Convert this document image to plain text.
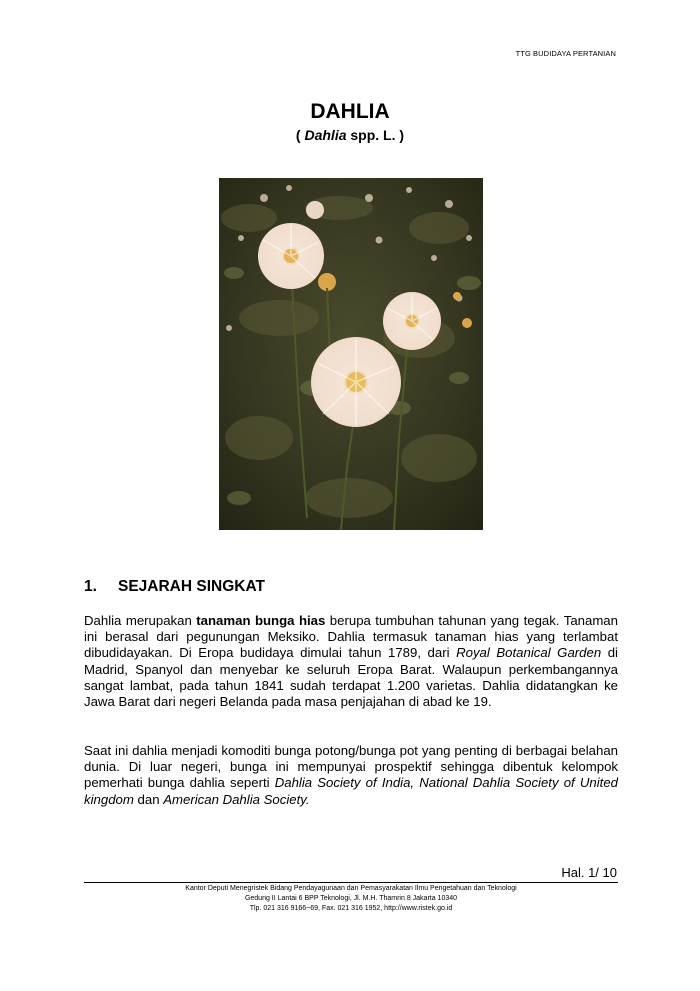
TTG BUDIDAYA PERTANIAN
DAHLIA
( Dahlia spp. L. )
1. SEJARAH SINGKAT
Dahlia merupakan tanaman bunga hias berupa tumbuhan tahunan yang tegak. Tanaman ini berasal dari pegunungan Meksiko. Dahlia termasuk tanaman hias yang terlambat dibudidayakan. Di Eropa budidaya dimulai tahun 1789, dari Royal Botanical Garden di Madrid, Spanyol dan menyebar ke seluruh Eropa Barat. Walaupun perkembangannya sangat lambat, pada tahun 1841 sudah terdapat 1.200 varietas. Dahlia didatangkan ke Jawa Barat dari negeri Belanda pada masa penjajahan di abad ke 19.
Saat ini dahlia menjadi komoditi bunga potong/bunga pot yang penting di berbagai belahan dunia. Di luar negeri, bunga ini mempunyai prospektif sehingga dibentuk kelompok pemerhati bunga dahlia seperti Dahlia Society of India, National Dahlia Society of United kingdom dan American Dahlia Society.
Hal. 1/ 10
Kantor Deputi Menegristek Bidang Pendayagunaan dan Pemasyarakatan Ilmu Pengetahuan dan Teknologi
Gedung II Lantai 6 BPP Teknologi, Jl. M.H. Thamrin 8 Jakarta 10340
Tlp. 021 316 9166~69, Fax. 021 316 1952, http://www.ristek.go.id
